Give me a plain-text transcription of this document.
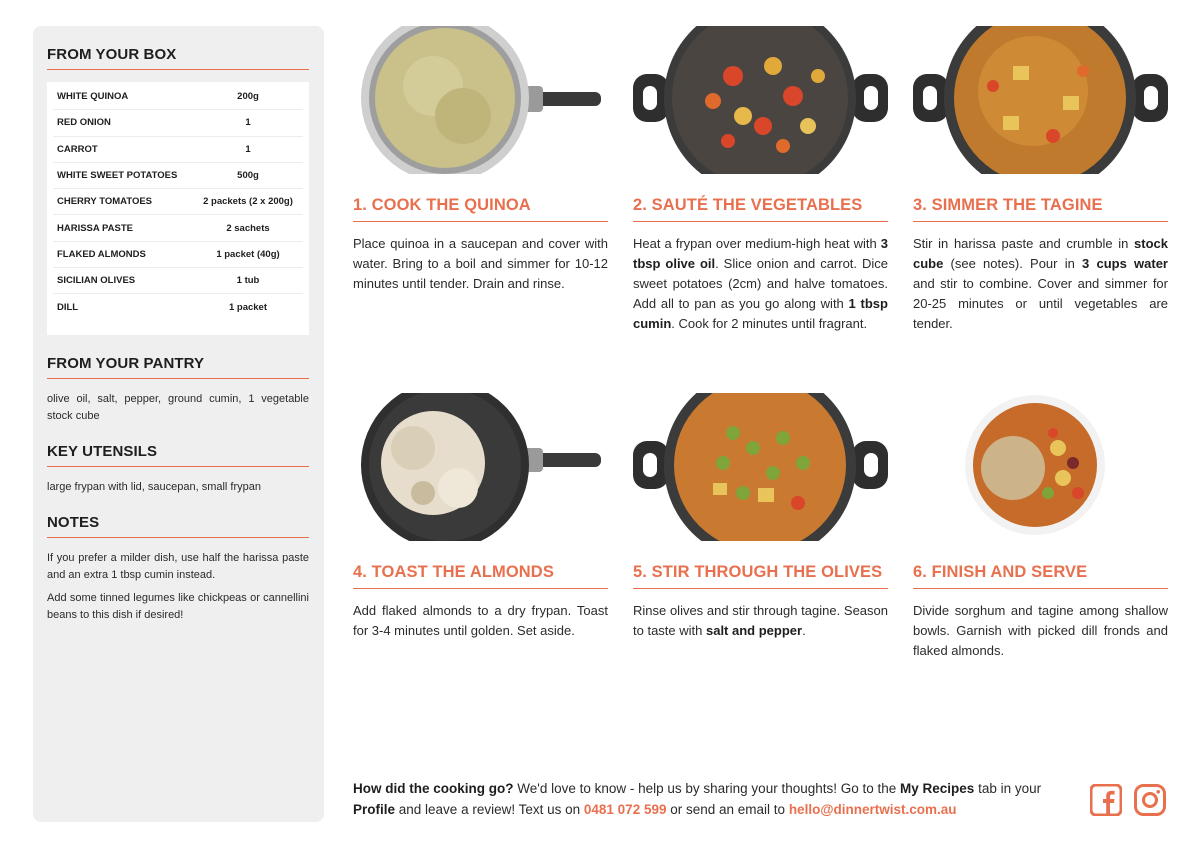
FROM YOUR BOX
WHITE QUINOA	200g
RED ONION	1
CARROT	1
WHITE SWEET POTATOES	500g
CHERRY TOMATOES	2 packets (2 x 200g)
HARISSA PASTE	2 sachets
FLAKED ALMONDS	1 packet (40g)
SICILIAN OLIVES	1 tub
DILL	1 packet
FROM YOUR PANTRY

olive oil, salt, pepper, ground cumin, 1 vegetable stock cube

KEY UTENSILS

large frypan with lid, saucepan, small frypan

NOTES

If you prefer a milder dish, use half the harissa paste and an extra 1 tbsp cumin instead.

Add some tinned legumes like chickpeas or cannellini beans to this dish if desired!

1. COOK THE QUINOA

Place quinoa in a saucepan and cover with water. Bring to a boil and simmer for 10-12 minutes until tender. Drain and rinse.

2. SAUTÉ THE VEGETABLES

Heat a frypan over medium-high heat with 3 tbsp olive oil. Slice onion and carrot. Dice sweet potatoes (2cm) and halve tomatoes. Add all to pan as you go along with 1 tbsp cumin. Cook for 2 minutes until fragrant.

3. SIMMER THE TAGINE

Stir in harissa paste and crumble in stock cube (see notes). Pour in 3 cups water and stir to combine. Cover and simmer for 20-25 minutes or until vegetables are tender.

4. TOAST THE ALMONDS

Add flaked almonds to a dry frypan. Toast for 3-4 minutes until golden. Set aside.

5. STIR THROUGH THE OLIVES

Rinse olives and stir through tagine. Season to taste with salt and pepper.

6. FINISH AND SERVE

Divide sorghum and tagine among shallow bowls. Garnish with picked dill fronds and flaked almonds.

How did the cooking go? We'd love to know - help us by sharing your thoughts! Go to the My Recipes tab in your Profile and leave a review! Text us on 0481 072 599 or send an email to hello@dinnertwist.com.au
